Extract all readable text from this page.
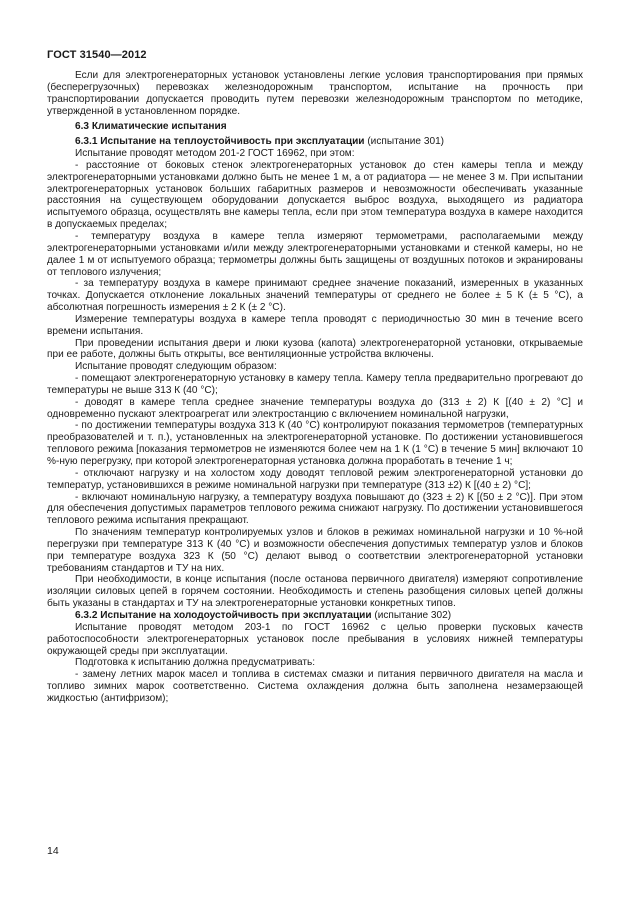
ГОСТ 31540—2012

Если для электрогенераторных установок установлены легкие условия транспортирования при прямых (бесперегрузочных) перевозках железнодорожным транспортом, испытание на прочность при транспортировании допускается проводить путем перевозки железнодорожным транспортом по методике, утвержденной в установленном порядке.

6.3 Климатические испытания

6.3.1 Испытание на теплоустойчивость при эксплуатации (испытание 301)

Испытание проводят методом 201-2 ГОСТ 16962, при этом:

- расстояние от боковых стенок электрогенераторных установок до стен камеры тепла и между электрогенераторными установками должно быть не менее 1 м, а от радиатора — не менее 3 м. При испытании электрогенераторных установок больших габаритных размеров и невозможности обеспечивать указанные расстояния на существующем оборудовании допускается выброс воздуха, выходящего из радиатора испытуемого образца, осуществлять вне камеры тепла, если при этом температура воздуха в камере находится в допускаемых пределах;

- температуру воздуха в камере тепла измеряют термометрами, располагаемыми между электрогенераторными установками и/или между электрогенераторными установками и стенкой камеры, но не далее 1 м от испытуемого образца; термометры должны быть защищены от воздушных потоков и экранированы от теплового излучения;

- за температуру воздуха в камере принимают среднее значение показаний, измеренных в указанных точках. Допускается отклонение локальных значений температуры от среднего не более ± 5 К (± 5 °С), а абсолютная погрешность измерения ± 2 К (± 2 °С).

Измерение температуры воздуха в камере тепла проводят с периодичностью 30 мин в течение всего времени испытания.

При проведении испытания двери и люки кузова (капота) электрогенераторной установки, открываемые при ее работе, должны быть открыты, все вентиляционные устройства включены.

Испытание проводят следующим образом:

- помещают электрогенераторную установку в камеру тепла. Камеру тепла предварительно прогревают до температуры не выше 313 К (40 °С);

- доводят в камере тепла среднее значение температуры воздуха до (313 ± 2) К [(40 ± 2) °С] и одновременно пускают электроагрегат или электростанцию с включением номинальной нагрузки,

- по достижении температуры воздуха 313 К (40 °С) контролируют показания термометров (температурных преобразователей и т. п.), установленных на электрогенераторной установке. По достижении установившегося теплового режима [показания термометров не изменяются более чем на 1 К (1 °С) в течение 5 мин] включают 10 %-ную перегрузку, при которой электрогенераторная установка должна проработать в течение 1 ч;

- отключают нагрузку и на холостом ходу доводят тепловой режим электрогенераторной установки до температур, установившихся в режиме номинальной нагрузки при температуре (313 ±2) К [(40 ± 2) °С];

- включают номинальную нагрузку, а температуру воздуха повышают до (323 ± 2) К [(50 ± 2 °С)]. При этом для обеспечения допустимых параметров теплового режима снижают нагрузку. По достижении установившегося теплового режима испытания прекращают.

По значениям температур контролируемых узлов и блоков в режимах номинальной нагрузки и 10 %-ной перегрузки при температуре 313 К (40 °С) и возможности обеспечения допустимых температур узлов и блоков при температуре воздуха 323 К (50 °С) делают вывод о соответствии электрогенераторной установки требованиям стандартов и ТУ на них.

При необходимости, в конце испытания (после останова первичного двигателя) измеряют сопротивление изоляции силовых цепей в горячем состоянии. Необходимость и степень разобщения силовых цепей должны быть указаны в стандартах и ТУ на электрогенераторные установки конкретных типов.

6.3.2 Испытание на холодоустойчивость при эксплуатации (испытание 302)

Испытание проводят методом 203-1 по ГОСТ 16962 с целью проверки пусковых качеств работоспособности электрогенераторных установок после пребывания в условиях нижней температуры окружающей среды при эксплуатации.

Подготовка к испытанию должна предусматривать:

- замену летних марок масел и топлива в системах смазки и питания первичного двигателя на масла и топливо зимних марок соответственно. Система охлаждения должна быть заполнена незамерзающей жидкостью (антифризом);

14
